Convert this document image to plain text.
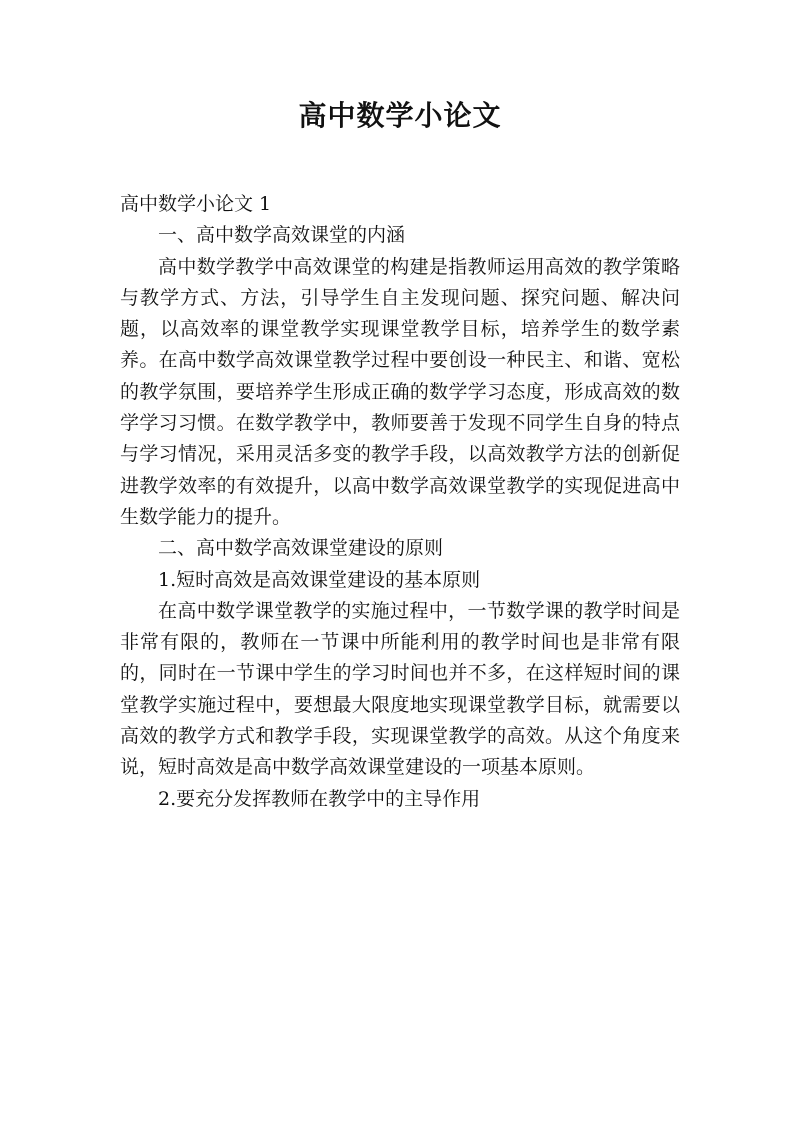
高中数学小论文

高中数学小论文 1

一、高中数学高效课堂的内涵

高中数学教学中高效课堂的构建是指教师运用高效的教学策略与教学方式、方法，引导学生自主发现问题、探究问题、解决问题，以高效率的课堂教学实现课堂教学目标，培养学生的数学素养。在高中数学高效课堂教学过程中要创设一种民主、和谐、宽松的教学氛围，要培养学生形成正确的数学学习态度，形成高效的数学学习习惯。在数学教学中，教师要善于发现不同学生自身的特点与学习情况，采用灵活多变的教学手段，以高效教学方法的创新促进教学效率的有效提升，以高中数学高效课堂教学的实现促进高中生数学能力的提升。

二、高中数学高效课堂建设的原则

1.短时高效是高效课堂建设的基本原则

在高中数学课堂教学的实施过程中，一节数学课的教学时间是非常有限的，教师在一节课中所能利用的教学时间也是非常有限的，同时在一节课中学生的学习时间也并不多，在这样短时间的课堂教学实施过程中，要想最大限度地实现课堂教学目标，就需要以高效的教学方式和教学手段，实现课堂教学的高效。从这个角度来说，短时高效是高中数学高效课堂建设的一项基本原则。

2.要充分发挥教师在教学中的主导作用
